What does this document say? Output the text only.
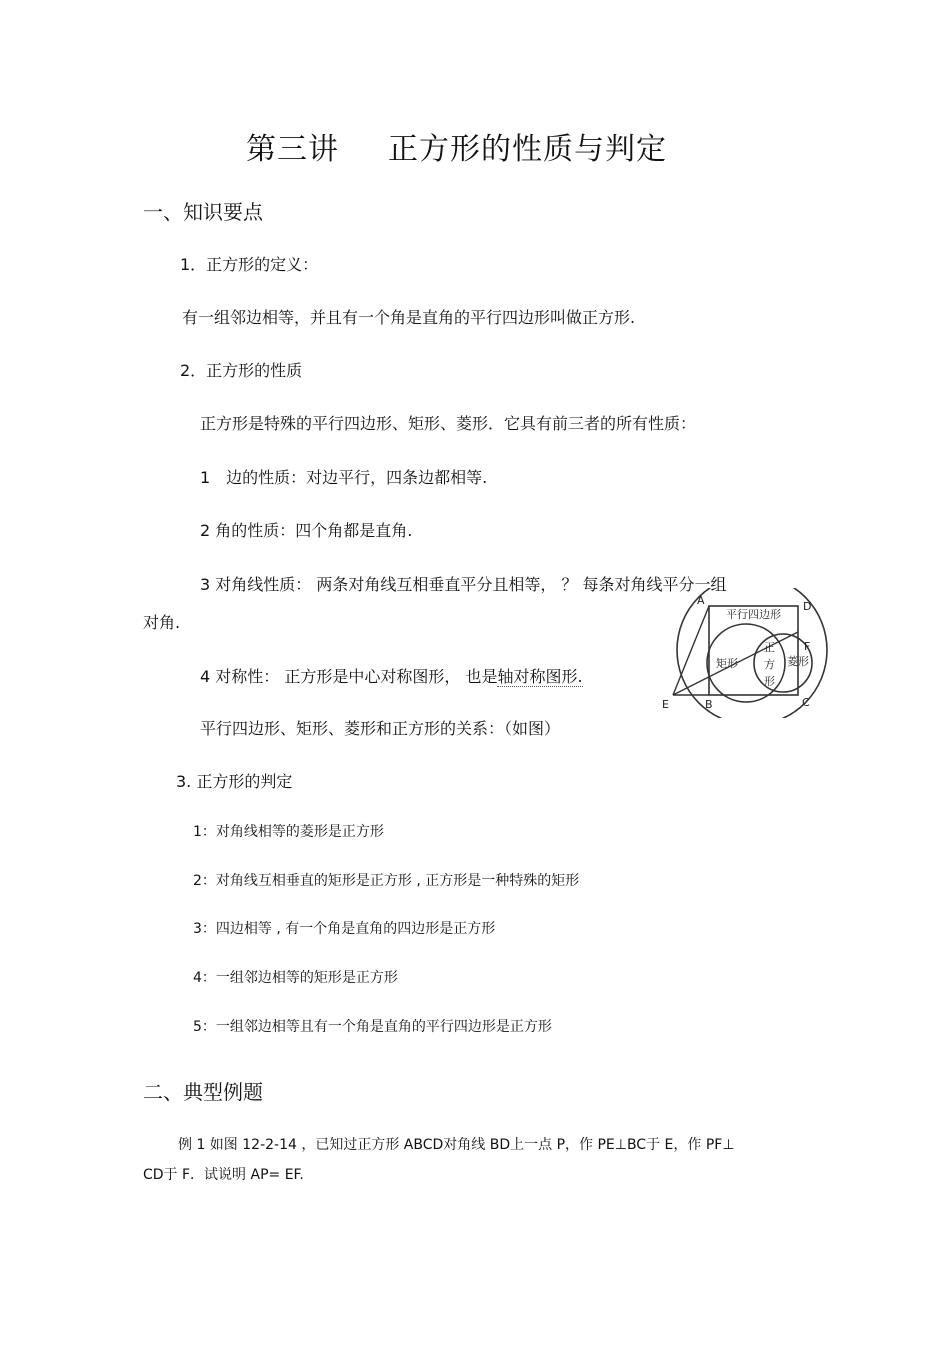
第三讲 正方形的性质与判定
一、知识要点
1．正方形的定义：
有一组邻边相等，并且有一个角是直角的平行四边形叫做正方形.
2．正方形的性质
正方形是特殊的平行四边形、矩形、菱形．它具有前三者的所有性质：
1　边的性质：对边平行，四条边都相等.
2 角的性质：四个角都是直角.
3 对角线性质： 两条对角线互相垂直平分且相等， ？ 每条对角线平分一组
对角.
4 对称性： 正方形是中心对称图形， 也是轴对称图形.
平行四边形、矩形、菱形和正方形的关系：（如图）
3. 正方形的判定
1：对角线相等的菱形是正方形
2：对角线互相垂直的矩形是正方形 , 正方形是一种特殊的矩形
3：四边相等 , 有一个角是直角的四边形是正方形
4：一组邻边相等的矩形是正方形
5：一组邻边相等且有一个角是直角的平行四边形是正方形
二、典型例题
例 1 如图 12-2-14 ，已知过正方形 ABCD对角线 BD上一点 P，作 PE⊥BC于 E，作 PF⊥
CD于 F．试说明 AP= EF.
A	D
F
E	B	C
平行四边形
矩形	菱形
正
方
形
